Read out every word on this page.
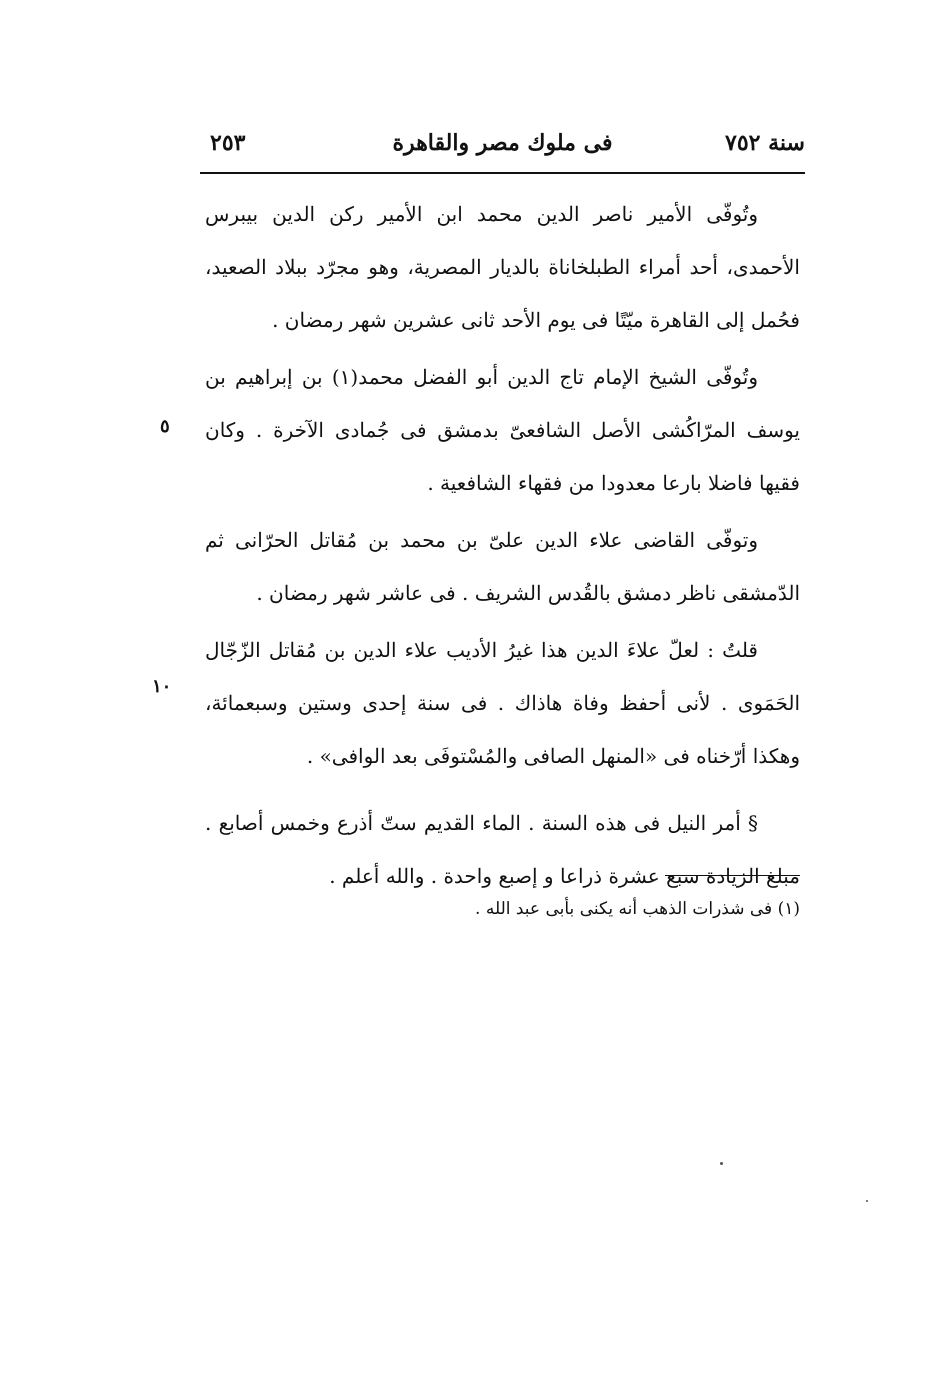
سنة ٧٥٢
فى ملوك مصر والقاهرة
٢٥٣

وتُوفّى الأمير ناصر الدين محمد ابن الأمير ركن الدين بيبرس الأحمدى، أحد أمراء الطبلخاناة بالديار المصرية، وهو مجرّد ببلاد الصعيد، فحُمل إلى القاهرة ميّتًا فى يوم الأحد ثانى عشرين شهر رمضان .

وتُوفّى الشيخ الإمام تاج الدين أبو الفضل محمد(١) بن إبراهيم بن يوسف المرّاكُشى الأصل الشافعىّ بدمشق فى جُمادى الآخرة . وكان فقيها فاضلا بارعا معدودا من فقهاء الشافعية .

وتوفّى القاضى علاء الدين علىّ بن محمد بن مُقاتل الحرّانى ثم الدّمشقى ناظر دمشق بالقُدس الشريف . فى عاشر شهر رمضان .

قلتُ : لعلّ علاءَ الدين هذا غيرُ الأديب علاء الدين بن مُقاتل الزّجّال الحَمَوى . لأنى أحفظ وفاة هاذاك . فى سنة إحدى وستين وسبعمائة، وهكذا أرّخناه فى «المنهل الصافى والمُسْتوفَى بعد الوافى» .

§ أمر النيل فى هذه السنة . الماء القديم ستّ أذرع وخمس أصابع . مبلغ الزيادة سبع عشرة ذراعا و إصبع واحدة . والله أعلم .

٥
١٠
(١) فى شذرات الذهب أنه يكنى بأبى عبد الله .
